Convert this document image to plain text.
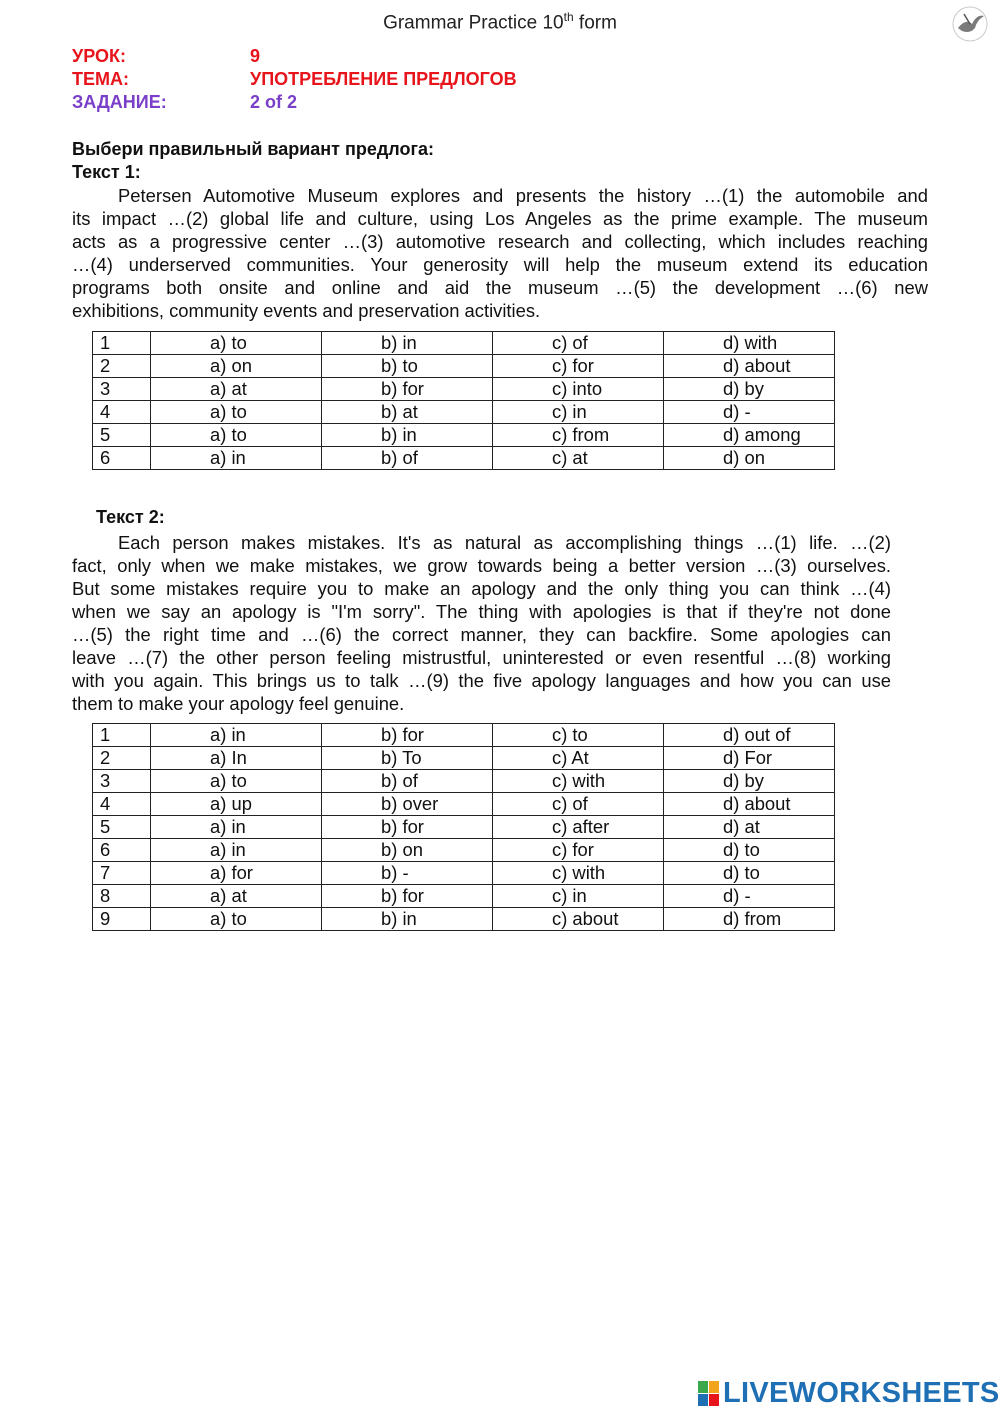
Grammar Practice 10th form
УРОК:	9
ТЕМА:	УПОТРЕБЛЕНИЕ ПРЕДЛОГОВ
ЗАДАНИЕ:	2 of 2
Выбери правильный вариант предлога:
Текст 1:

Petersen Automotive Museum explores and presents the history …(1) the automobile and
its impact …(2) global life and culture, using Los Angeles as the prime example. The museum
acts as a progressive center …(3) automotive research and collecting, which includes reaching
…(4) underserved communities. Your generosity will help the museum extend its education
programs both onsite and online and aid the museum …(5) the development …(6) new
exhibitions, community events and preservation activities.

1	a) to	b) in	c) of	d) with
2	a) on	b) to	c) for	d) about
3	a) at	b) for	c) into	d) by
4	a) to	b) at	c) in	d) -
5	a) to	b) in	c) from	d) among
6	a) in	b) of	c) at	d) on
Текст 2:

Each person makes mistakes. It's as natural as accomplishing things …(1) life. …(2)
fact, only when we make mistakes, we grow towards being a better version …(3) ourselves.
But some mistakes require you to make an apology and the only thing you can think …(4)
when we say an apology is "I'm sorry". The thing with apologies is that if they're not done
…(5) the right time and …(6) the correct manner, they can backfire. Some apologies can
leave …(7) the other person feeling mistrustful, uninterested or even resentful …(8) working
with you again. This brings us to talk …(9) the five apology languages and how you can use
them to make your apology feel genuine.

1	a) in	b) for	c) to	d) out of
2	a) In	b) To	c) At	d) For
3	a) to	b) of	c) with	d) by
4	a) up	b) over	c) of	d) about
5	a) in	b) for	c) after	d) at
6	a) in	b) on	c) for	d) to
7	a) for	b) -	c) with	d) to
8	a) at	b) for	c) in	d) -
9	a) to	b) in	c) about	d) from
LIVEWORKSHEETS
